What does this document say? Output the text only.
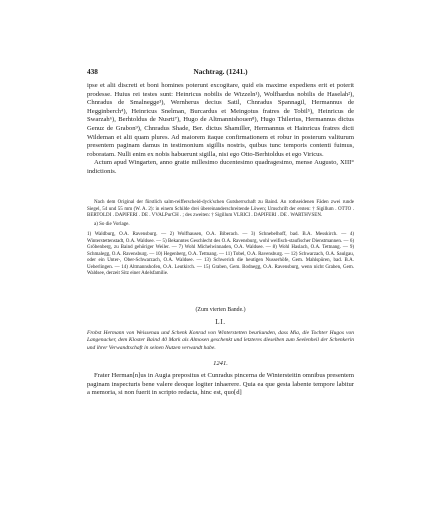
438	Nachtrag. (1241.)

ipse et alii discreti et boni homines poterunt excogitare, quid eis maxime expediens erit et poterit prodesse. Huius rei testes sunt: Heinricus nobilis de Wizzeln¹), Wolfhardus nobilis de Haselah²), Chnradus de Smalnegge³), Wernherus decius Satil, Chnradus Spannagil, Hermannus de Hegginberch⁴), Heinricus Snelman, Burcardus et Meingotus fratres de Tobil⁵), Heinricus de Swarzah⁶), Berhtoldus de Nusrti⁷), Hugo de Altmannishouen⁸), Hugo Thilerius, Hermannus dictus Genuz de Grabon⁹), Chnradus Shade, Ber. dictus Shamiller, Hermannus et Hainricus fratres dicti Wildeman et alii quam plures. Ad maiorem itaque confirmationem et robur in posterum valiturum presentem paginam damus in testimonium sigillis nostris, quibus tunc temporis contenti fuimus, roboratam. Nulli enim ex nobis habuerunt sigilla, nisi ego Otto-Berhtoldus et ego Viricus.

Actum apud Wingarten, anno gratie millesimo ducentesimo quadragesimo, mense Augusto, XIII° indictionis.

Nach dem Original der fürstlich salm-reifferscheid-dyck'schen Gutsherrschaft zu Baind. An rothseidenen Fäden zwei runde Siegel, 54 und 55 mm (W. A. 2): in einem Schilde drei übereinanderschreitende Löwen; Umschrift der ersten: † Sigillum . OTTO . BERTOLDI . DAPIFERI . DE . VVALPurCH . ; des zweiten: † Sigillum VLRICI . DAPIFERI . DE . WARTHVSEN.

a) So die Vorlage.

1) Waldburg, O.A. Ravensburg. — 2) Wolfhausen, O.A. Biberach. — 3) Schnebelhoff, bad. B.A. Messkirch. — 4) Winterstettenstadt, O.A. Waldsee. — 5) Bekanntes Geschlecht des O.A. Ravensburg, wohl weifisch-staufischer Dienstmannen. — 6) Gröbenberg, zu Baind gehöriger Weiler. — 7) Wohl Michelwinnaden, O.A. Waldsee. — 8) Wohl Haslach, O.A. Tettnang. — 9) Schmalegg, O.A. Ravensburg. — 10) Hegenberg, O.A. Tettnang. — 11) Tobel, O.A. Ravensburg. — 12) Schwarzach, O.A. Saulgau, oder ein Unter-, Ober-Schwarzach, O.A. Waldsee. — 13) Schwerich die heutigen Nusserhöfe, Gem. Mahlspüren, bad. B.A. Ueberlingen. — 14) Altmannshofen, O.A. Leutkirch. — 15) Graben, Gem. Bodnegg, O.A. Ravensburg, wenn nicht Graben, Gem. Waldsee, derzeit Sitz einer Adelsfamilie.

(Zum vierten Bande.)
LI.
Frobst Hermann von Weissenau und Schenk Konrad von Winterstetten beurkunden, dass Mia, die Tochter Hugos von Langenacker, dem Kloster Baind 40 Mark als Almosen geschenkt und letzteres dieselben zum Seelenheil der Schenkerin und ihrer Verwandtschaft in seinen Nutzen verwandt habe.
1241.

Frater Herman[n]us in Augia prepositus et Cunradus pincerna de Wintersteitin omnibus presentem paginam inspecturis bene valere deoque logiter inhaerere. Quia ea que gesta labente tempore labitur a memoria, si non fuerit in scripto redacta, hinc est, quo[d]
